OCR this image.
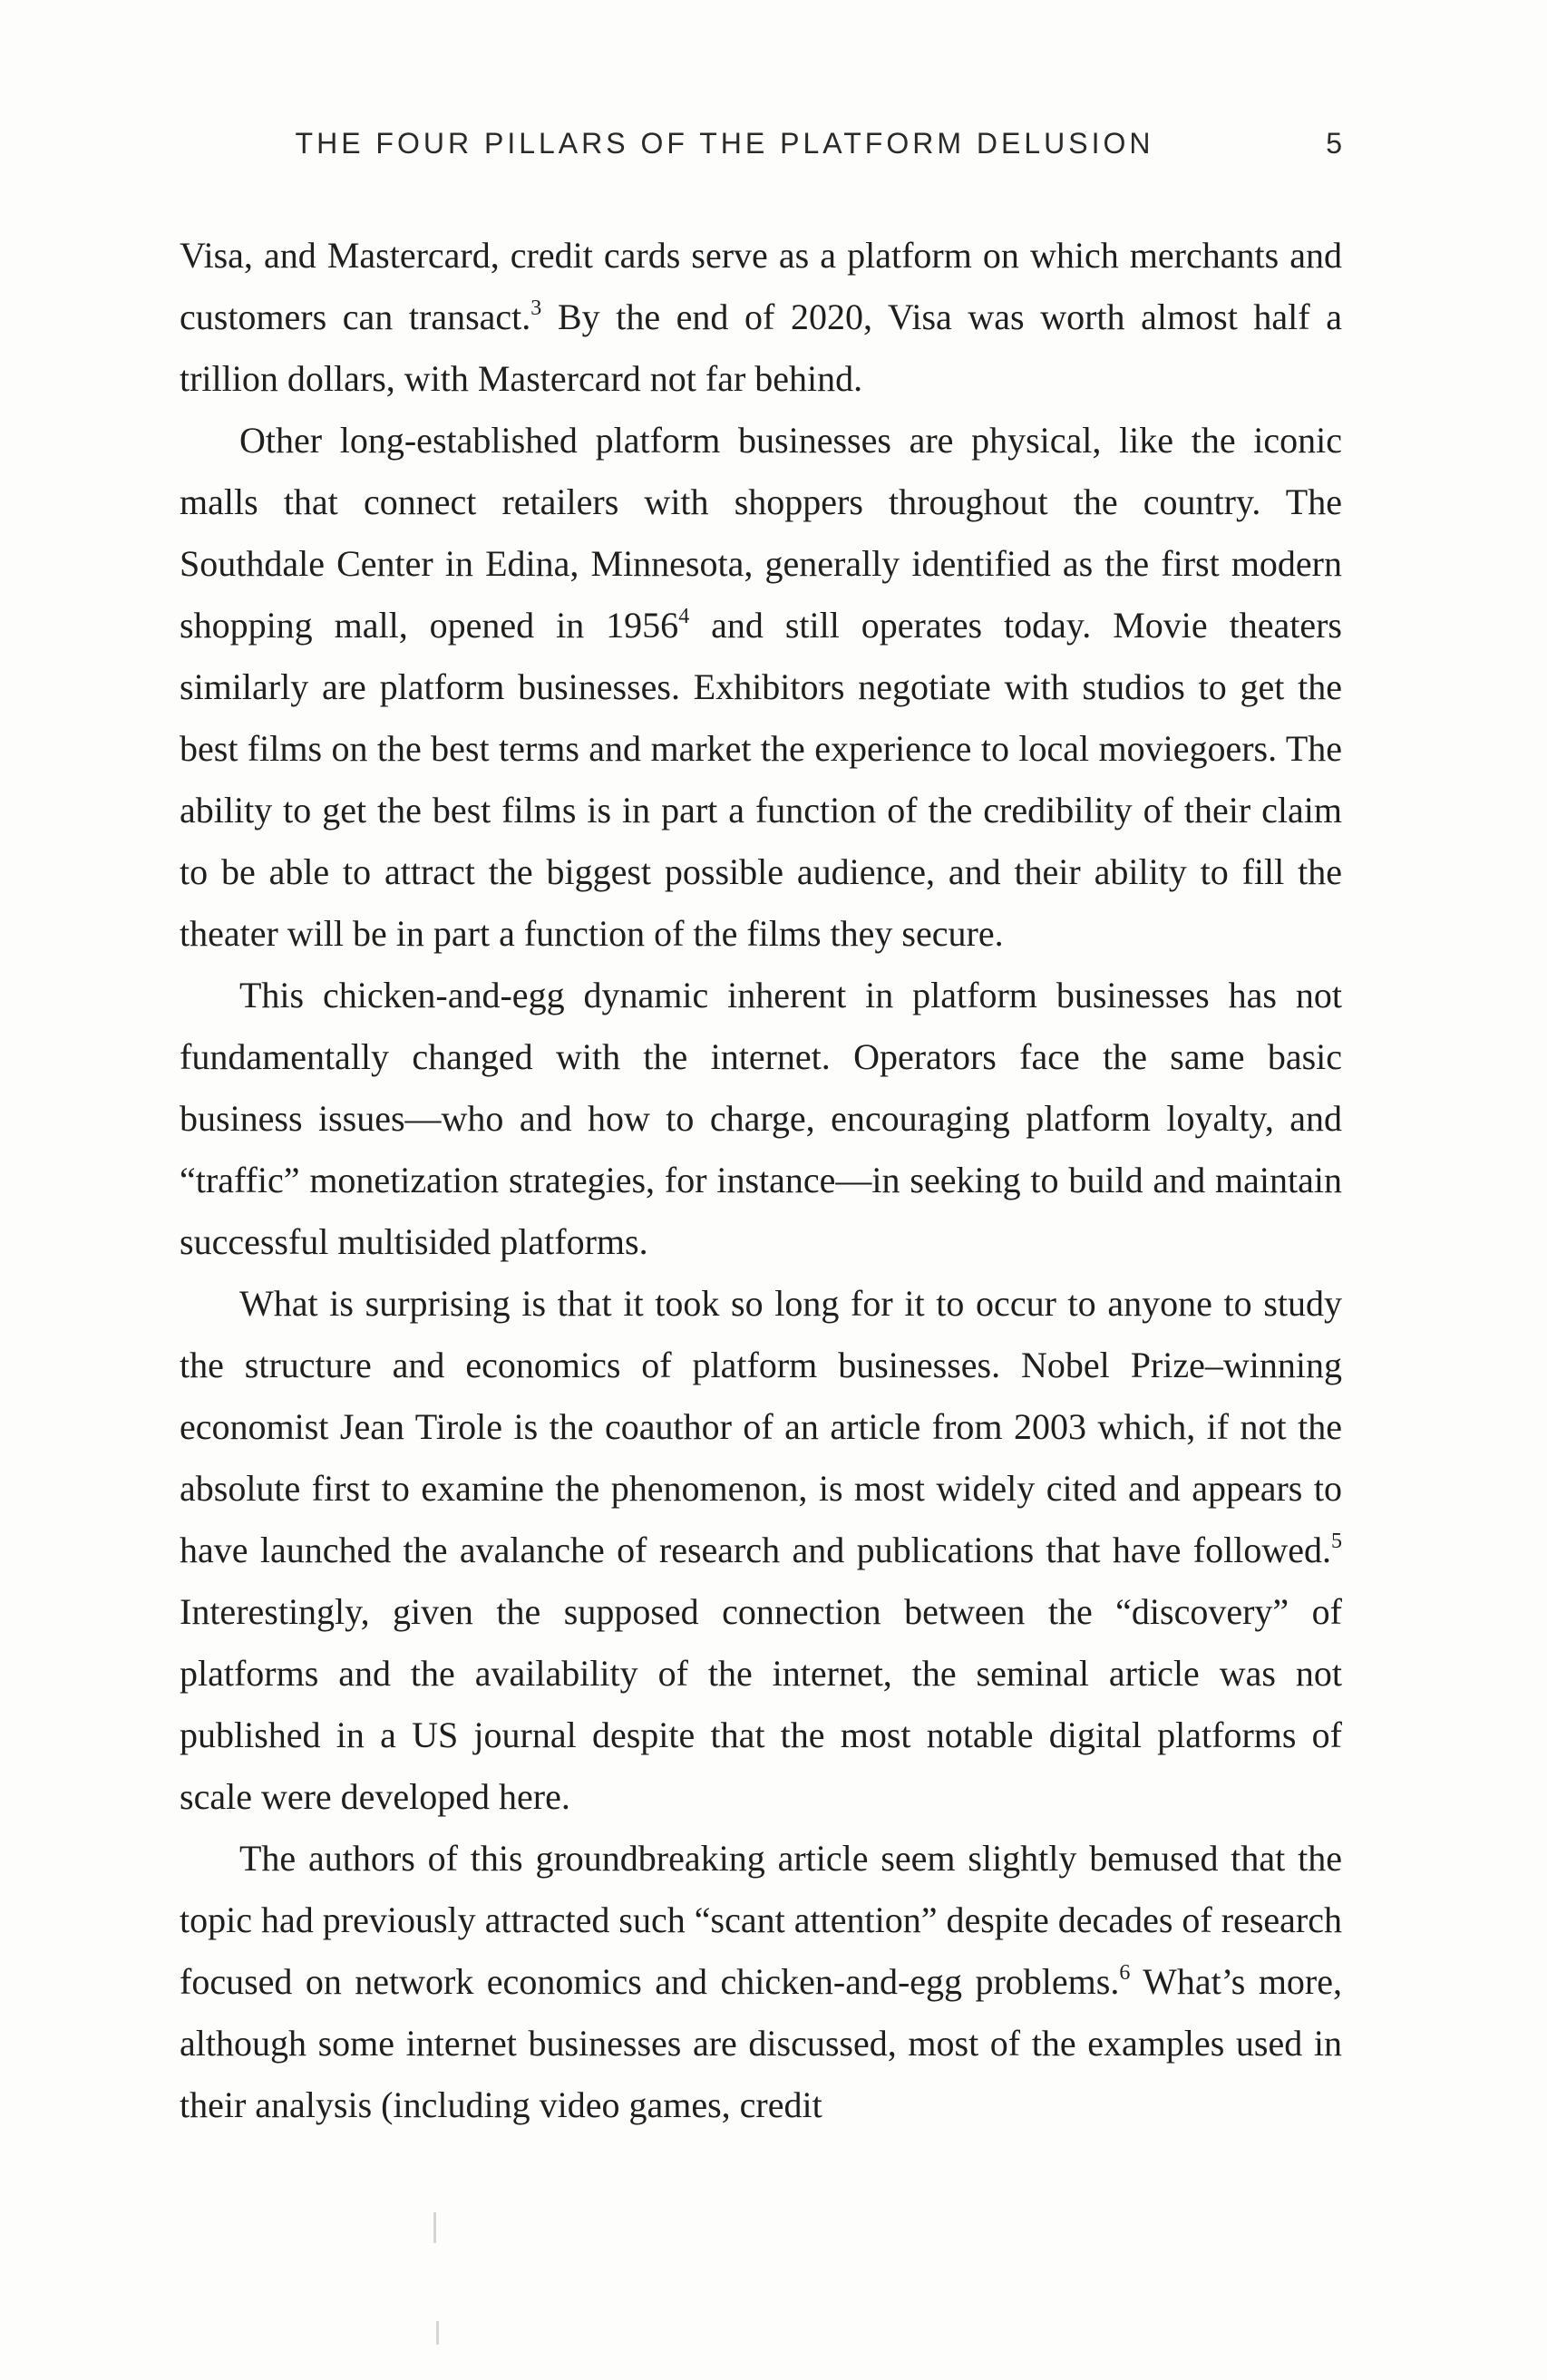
THE FOUR PILLARS OF THE PLATFORM DELUSION	5

Visa, and Mastercard, credit cards serve as a platform on which merchants and customers can transact.$^3$ By the end of 2020, Visa was worth almost half a trillion dollars, with Mastercard not far behind.

Other long-established platform businesses are physical, like the iconic malls that connect retailers with shoppers throughout the country. The Southdale Center in Edina, Minnesota, generally identified as the first modern shopping mall, opened in 1956$^4$ and still operates today. Movie theaters similarly are platform businesses. Exhibitors negotiate with studios to get the best films on the best terms and market the experience to local moviegoers. The ability to get the best films is in part a function of the credibility of their claim to be able to attract the biggest possible audience, and their ability to fill the theater will be in part a function of the films they secure.

This chicken-and-egg dynamic inherent in platform businesses has not fundamentally changed with the internet. Operators face the same basic business issues—who and how to charge, encouraging platform loyalty, and “traffic” monetization strategies, for instance—in seeking to build and maintain successful multisided platforms.

What is surprising is that it took so long for it to occur to anyone to study the structure and economics of platform businesses. Nobel Prize–winning economist Jean Tirole is the coauthor of an article from 2003 which, if not the absolute first to examine the phenomenon, is most widely cited and appears to have launched the avalanche of research and publications that have followed.$^5$ Interestingly, given the supposed connection between the “discovery” of platforms and the availability of the internet, the seminal article was not published in a US journal despite that the most notable digital platforms of scale were developed here.

The authors of this groundbreaking article seem slightly bemused that the topic had previously attracted such “scant attention” despite decades of research focused on network economics and chicken-and-egg problems.$^6$ What’s more, although some internet businesses are discussed, most of the examples used in their analysis (including video games, credit
